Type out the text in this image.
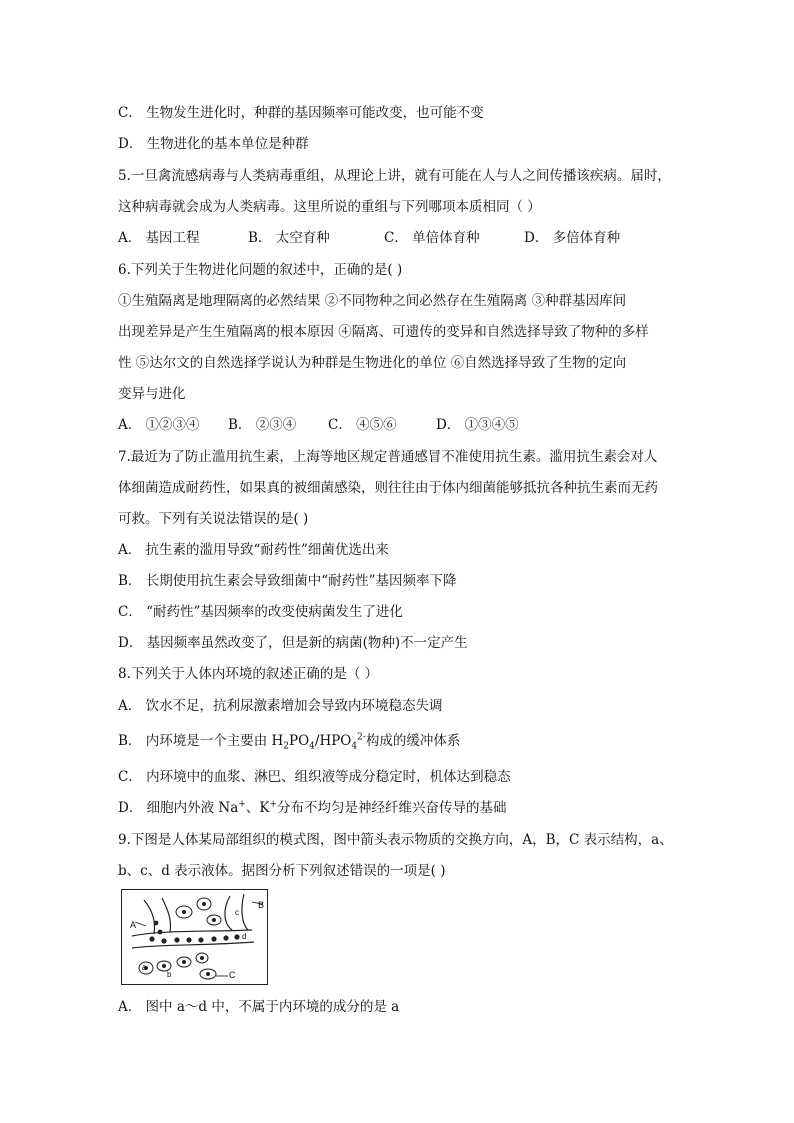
C． 生物发生进化时，种群的基因频率可能改变，也可能不变
D． 生物进化的基本单位是种群
5.一旦禽流感病毒与人类病毒重组，从理论上讲，就有可能在人与人之间传播该疾病。届时，
这种病毒就会成为人类病毒。这里所说的重组与下列哪项本质相同（ ）
A． 基因工程	B． 太空育种	C． 单倍体育种	D． 多倍体育种
6.下列关于生物进化问题的叙述中，正确的是( )
①生殖隔离是地理隔离的必然结果 ②不同物种之间必然存在生殖隔离 ③种群基因库间
出现差异是产生生殖隔离的根本原因 ④隔离、可遗传的变异和自然选择导致了物种的多样
性 ⑤达尔文的自然选择学说认为种群是生物进化的单位 ⑥自然选择导致了生物的定向
变异与进化
A． ①②③④ B． ②③④ C． ④⑤⑥	D． ①③④⑤
7.最近为了防止滥用抗生素，上海等地区规定普通感冒不准使用抗生素。滥用抗生素会对人
体细菌造成耐药性，如果真的被细菌感染，则往往由于体内细菌能够抵抗各种抗生素而无药
可救。下列有关说法错误的是( )
A． 抗生素的滥用导致“耐药性”细菌优选出来
B． 长期使用抗生素会导致细菌中“耐药性”基因频率下降
C． “耐药性”基因频率的改变使病菌发生了进化
D． 基因频率虽然改变了，但是新的病菌(物种)不一定产生
8.下列关于人体内环境的叙述正确的是（ ）
A． 饮水不足，抗利尿激素增加会导致内环境稳态失调
B． 内环境是一个主要由 $H_2PO_4/HPO_4^{2-}$构成的缓冲体系
C． 内环境中的血浆、淋巴、组织液等成分稳定时，机体达到稳态
D． 细胞内外液 Na+、K+分布不均匀是神经纤维兴奋传导的基础
9.下图是人体某局部组织的模式图，图中箭头表示物质的交换方向，A，B，C 表示结构，a、
b、c、d 表示液体。据图分析下列叙述错误的一项是( )
A
B
C
a
b
c
d
A． 图中 a～d 中，不属于内环境的成分的是 a
